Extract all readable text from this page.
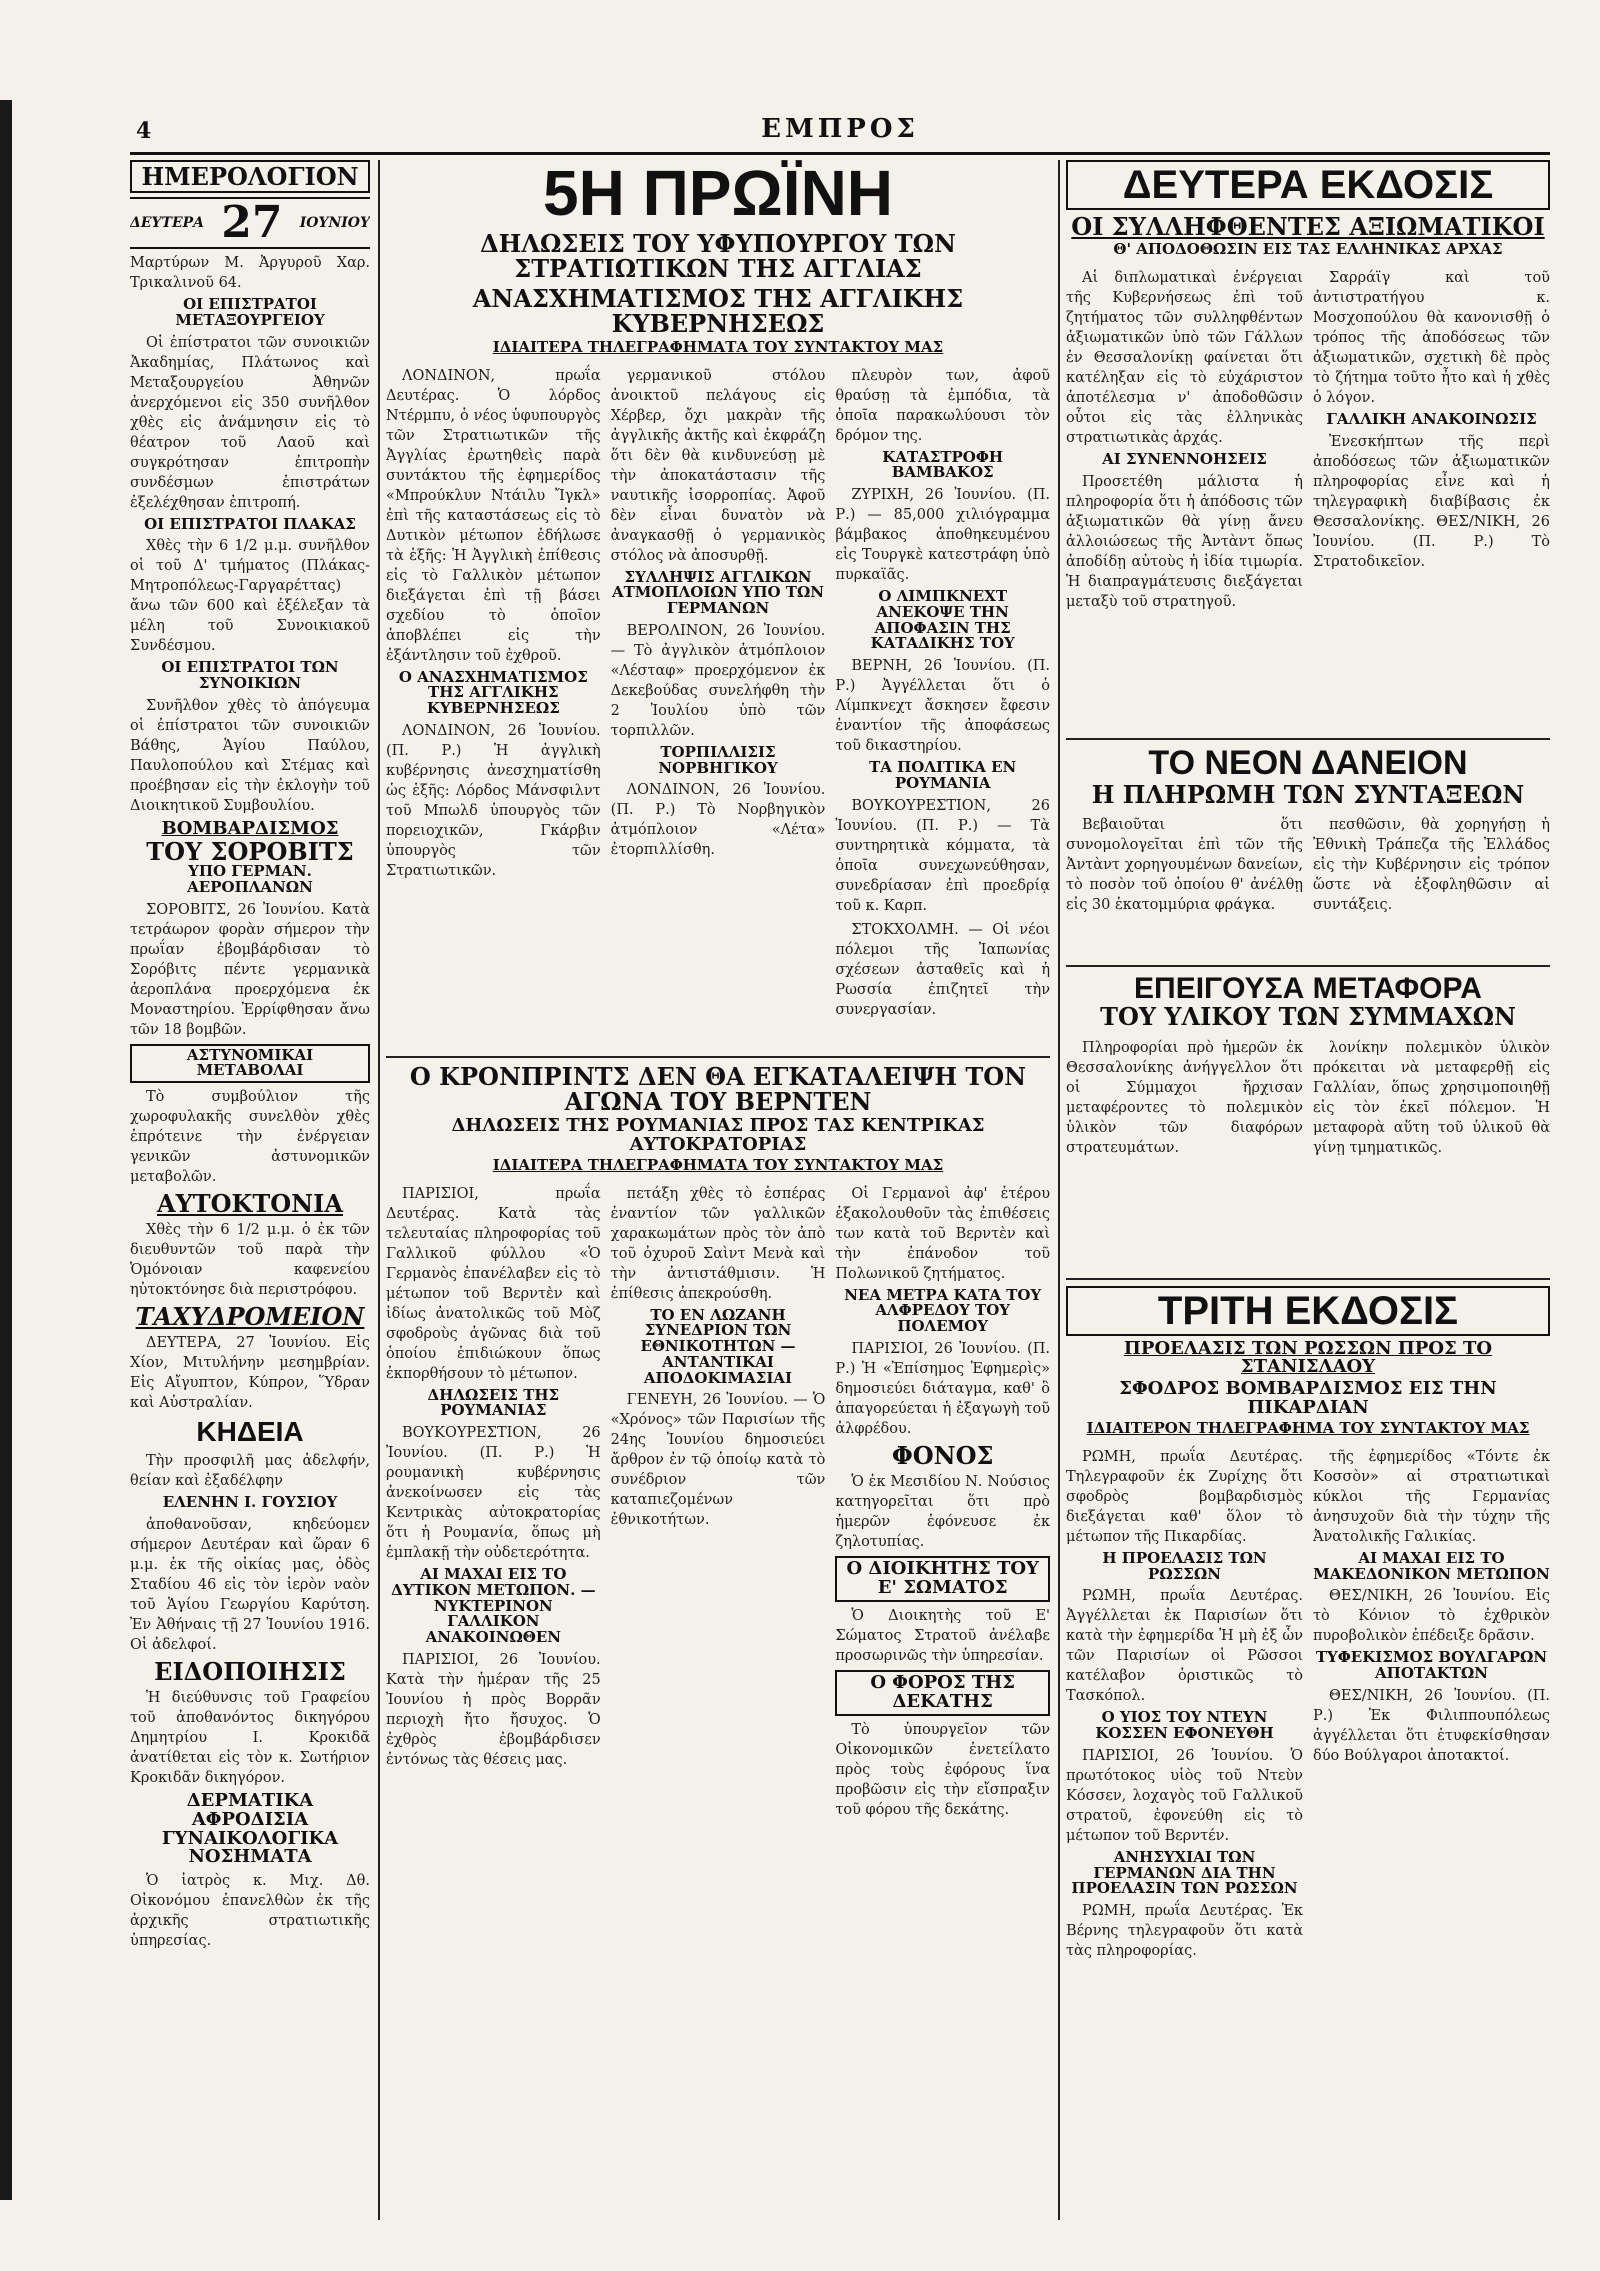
4	ΕΜΠΡΟΣ
ΗΜΕΡΟΛΟΓΙΟΝ
ΔΕΥΤΕΡΑ 27 ΙΟΥΝΙΟΥ

Μαρτύρων Μ. Ἀργυροῦ Χαρ. Τρικαλινοῦ 64.

ΟΙ ΕΠΙΣΤΡΑΤΟΙ ΜΕΤΑΞΟΥΡΓΕΙΟΥ

Οἱ ἐπίστρατοι τῶν συνοικιῶν Ἀκαδημίας, Πλάτωνος καὶ Μεταξουργείου Ἀθηνῶν ἀνερχόμενοι εἰς 350 συνῆλθον χθὲς εἰς ἀνάμνησιν εἰς τὸ θέατρον τοῦ Λαοῦ καὶ συγκρότησαν ἐπιτροπὴν συνδέσμων ἐπιστράτων ἐξελέχθησαν ἐπιτροπή.

ΟΙ ΕΠΙΣΤΡΑΤΟΙ ΠΛΑΚΑΣ

Χθὲς τὴν 6 1/2 μ.μ. συνῆλθον οἱ τοῦ Δ' τμήματος (Πλάκας-Μητροπόλεως-Γαργαρέττας) ἄνω τῶν 600 καὶ ἐξέλεξαν τὰ μέλη τοῦ Συνοικιακοῦ Συνδέσμου.

ΟΙ ΕΠΙΣΤΡΑΤΟΙ ΤΩΝ ΣΥΝΟΙΚΙΩΝ

Συνῆλθον χθὲς τὸ ἀπόγευμα οἱ ἐπίστρατοι τῶν συνοικιῶν Βάθης, Ἁγίου Παύλου, Παυλοπούλου καὶ Στέμας καὶ προέβησαν εἰς τὴν ἐκλογὴν τοῦ Διοικητικοῦ Συμβουλίου.

ΒΟΜΒΑΡΔΙΣΜΟΣ
ΤΟΥ ΣΟΡΟΒΙΤΣ
ΥΠΟ ΓΕΡΜΑΝ. ΑΕΡΟΠΛΑΝΩΝ

ΣΟΡΟΒΙΤΣ, 26 Ἰουνίου. Κατὰ τετράωρον φορὰν σήμερον τὴν πρωΐαν ἐβομβάρδισαν τὸ Σορόβιτς πέντε γερμανικὰ ἀεροπλάνα προερχόμενα ἐκ Μοναστηρίου. Ἐρρίφθησαν ἄνω τῶν 18 βομβῶν.

ΑΣΤΥΝΟΜΙΚΑΙ ΜΕΤΑΒΟΛΑΙ

Τὸ συμβούλιον τῆς χωροφυλακῆς συνελθὸν χθὲς ἐπρότεινε τὴν ἐνέργειαν γενικῶν ἀστυνομικῶν μεταβολῶν.

ΑΥΤΟΚΤΟΝΙΑ

Χθὲς τὴν 6 1/2 μ.μ. ὁ ἐκ τῶν διευθυντῶν τοῦ παρὰ τὴν Ὁμόνοιαν καφενείου ηὐτοκτόνησε διὰ περιστρόφου.

ΤΑΧΥΔΡΟΜΕΙΟΝ

ΔΕΥΤΕΡΑ, 27 Ἰουνίου. Εἰς Χίον, Μιτυλήνην μεσημβρίαν. Εἰς Αἴγυπτον, Κύπρον, Ὕδραν καὶ Αὐστραλίαν.

ΚΗΔΕΙΑ

Τὴν προσφιλῆ μας ἀδελφήν, θείαν καὶ ἐξαδέλφην

ΕΛΕΝΗΝ Ι. ΓΟΥΣΙΟΥ

ἀποθανοῦσαν, κηδεύομεν σήμερον Δευτέραν καὶ ὥραν 6 μ.μ. ἐκ τῆς οἰκίας μας, ὁδὸς Σταδίου 46 εἰς τὸν ἱερὸν ναὸν τοῦ Ἁγίου Γεωργίου Καρύτση. Ἐν Ἀθήναις τῇ 27 Ἰουνίου 1916. Οἱ ἀδελφοί.

ΕΙΔΟΠΟΙΗΣΙΣ

Ἡ διεύθυνσις τοῦ Γραφείου τοῦ ἀποθανόντος δικηγόρου Δημητρίου Ι. Κροκιδᾶ ἀνατίθεται εἰς τὸν κ. Σωτήριον Κροκιδᾶν δικηγόρον.

ΔΕΡΜΑΤΙΚΑ ΑΦΡΟΔΙΣΙΑ
ΓΥΝΑΙΚΟΛΟΓΙΚΑ ΝΟΣΗΜΑΤΑ

Ὁ ἰατρὸς κ. Μιχ. Δθ. Οἰκονόμου ἐπανελθὼν ἐκ τῆς ἀρχικῆς στρατιωτικῆς ὑπηρεσίας.

5Η ΠΡΩΪΝΗ
ΔΗΛΩΣΕΙΣ ΤΟΥ ΥΦΥΠΟΥΡΓΟΥ ΤΩΝ ΣΤΡΑΤΙΩΤΙΚΩΝ ΤΗΣ ΑΓΓΛΙΑΣ
ΑΝΑΣΧΗΜΑΤΙΣΜΟΣ ΤΗΣ ΑΓΓΛΙΚΗΣ ΚΥΒΕΡΝΗΣΕΩΣ
ΙΔΙΑΙΤΕΡΑ ΤΗΛΕΓΡΑΦΗΜΑΤΑ ΤΟΥ ΣΥΝΤΑΚΤΟΥ ΜΑΣ

ΛΟΝΔΙΝΟΝ, πρωΐα Δευτέρας. Ὁ λόρδος Ντέρμπυ, ὁ νέος ὑφυπουργὸς τῶν Στρατιωτικῶν τῆς Ἀγγλίας ἐρωτηθεὶς παρὰ συντάκτου τῆς ἐφημερίδος «Μπρούκλυν Ντάιλυ Ἴγκλ» ἐπὶ τῆς καταστάσεως εἰς τὸ Δυτικὸν μέτωπον ἐδήλωσε τὰ ἑξῆς: Ἡ Ἀγγλικὴ ἐπίθεσις εἰς τὸ Γαλλικὸν μέτωπον διεξάγεται ἐπὶ τῇ βάσει σχεδίου τὸ ὁποῖον ἀποβλέπει εἰς τὴν ἐξάντλησιν τοῦ ἐχθροῦ.

Ο ΑΝΑΣΧΗΜΑΤΙΣΜΟΣ ΤΗΣ ΑΓΓΛΙΚΗΣ ΚΥΒΕΡΝΗΣΕΩΣ

ΛΟΝΔΙΝΟΝ, 26 Ἰουνίου. (Π. Ρ.) Ἡ ἀγγλικὴ κυβέρνησις ἀνεσχηματίσθη ὡς ἑξῆς: Λόρδος Μάνσφιλντ τοῦ Μπωλδ ὑπουργὸς τῶν πορειοχικῶν, Γκάρβιν ὑπουργὸς τῶν Στρατιωτικῶν.

γερμανικοῦ στόλου ἀνοικτοῦ πελάγους εἰς Χέρβερ, ὄχι μακρὰν τῆς ἀγγλικῆς ἀκτῆς καὶ ἐκφράζη ὅτι δὲν θὰ κινδυνεύσῃ μὲ τὴν ἀποκατάστασιν τῆς ναυτικῆς ἰσορροπίας. Ἀφοῦ δὲν εἶναι δυνατὸν νὰ ἀναγκασθῇ ὁ γερμανικὸς στόλος νὰ ἀποσυρθῇ.

ΣΥΛΛΗΨΙΣ ΑΓΓΛΙΚΩΝ ΑΤΜΟΠΛΟΙΩΝ ΥΠΟ ΤΩΝ ΓΕΡΜΑΝΩΝ

ΒΕΡΟΛΙΝΟΝ, 26 Ἰουνίου. — Τὸ ἀγγλικὸν ἀτμόπλοιον «Λέσταφ» προερχόμενον ἐκ Δεκεβούδας συνελήφθη τὴν 2 Ἰουλίου ὑπὸ τῶν τορπιλλῶν.

ΤΟΡΠΙΛΛΙΣΙΣ ΝΟΡΒΗΓΙΚΟΥ

ΛΟΝΔΙΝΟΝ, 26 Ἰουνίου. (Π. Ρ.) Τὸ Νορβηγικὸν ἀτμόπλοιον «Λέτα» ἐτορπιλλίσθη.

πλευρὸν των, ἀφοῦ θραύσῃ τὰ ἐμπόδια, τὰ ὁποῖα παρακωλύουσι τὸν δρόμον της.

ΚΑΤΑΣΤΡΟΦΗ ΒΑΜΒΑΚΟΣ

ΖΥΡΙΧΗ, 26 Ἰουνίου. (Π. Ρ.) — 85,000 χιλιόγραμμα βάμβακος ἀποθηκευμένου εἰς Τουργκὲ κατεστράφη ὑπὸ πυρκαϊᾶς.

Ο ΛΙΜΠΚΝΕΧΤ ΑΝΕΚΟΨΕ ΤΗΝ ΑΠΟΦΑΣΙΝ ΤΗΣ ΚΑΤΑΔΙΚΗΣ ΤΟΥ

ΒΕΡΝΗ, 26 Ἰουνίου. (Π. Ρ.) Ἀγγέλλεται ὅτι ὁ Λίμπκνεχτ ἄσκησεν ἔφεσιν ἐναντίον τῆς ἀποφάσεως τοῦ δικαστηρίου.

ΤΑ ΠΟΛΙΤΙΚΑ ΕΝ ΡΟΥΜΑΝΙΑ

ΒΟΥΚΟΥΡΕΣΤΙΟΝ, 26 Ἰουνίου. (Π. Ρ.) — Τὰ συντηρητικὰ κόμματα, τὰ ὁποῖα συνεχωνεύθησαν, συνεδρίασαν ἐπὶ προεδρίᾳ τοῦ κ. Καρπ.

ΣΤΟΚΧΟΛΜΗ. — Οἱ νέοι πόλεμοι τῆς Ἰαπωνίας σχέσεων ἀσταθεῖς καὶ ἡ Ρωσσία ἐπιζητεῖ τὴν συνεργασίαν.

Ο ΚΡΟΝΠΡΙΝΤΣ ΔΕΝ ΘΑ ΕΓΚΑΤΑΛΕΙΨΗ ΤΟΝ ΑΓΩΝΑ ΤΟΥ ΒΕΡΝΤΕΝ
ΔΗΛΩΣΕΙΣ ΤΗΣ ΡΟΥΜΑΝΙΑΣ ΠΡΟΣ ΤΑΣ ΚΕΝΤΡΙΚΑΣ ΑΥΤΟΚΡΑΤΟΡΙΑΣ
ΙΔΙΑΙΤΕΡΑ ΤΗΛΕΓΡΑΦΗΜΑΤΑ ΤΟΥ ΣΥΝΤΑΚΤΟΥ ΜΑΣ

ΠΑΡΙΣΙΟΙ, πρωΐα Δευτέρας. Κατὰ τὰς τελευταίας πληροφορίας τοῦ Γαλλικοῦ φύλλου «Ὁ Γερμανὸς ἐπανέλαβεν εἰς τὸ μέτωπον τοῦ Βερντὲν καὶ ἰδίως ἀνατολικῶς τοῦ Μὸζ σφοδροὺς ἀγῶνας διὰ τοῦ ὁποίου ἐπιδιώκουν ὅπως ἐκπορθήσουν τὸ μέτωπον.

ΔΗΛΩΣΕΙΣ ΤΗΣ ΡΟΥΜΑΝΙΑΣ

ΒΟΥΚΟΥΡΕΣΤΙΟΝ, 26 Ἰουνίου. (Π. Ρ.) Ἡ ρουμανικὴ κυβέρνησις ἀνεκοίνωσεν εἰς τὰς Κεντρικὰς αὐτοκρατορίας ὅτι ἡ Ρουμανία, ὅπως μὴ ἐμπλακῇ τὴν οὐδετερότητα.

ΑΙ ΜΑΧΑΙ ΕΙΣ ΤΟ ΔΥΤΙΚΟΝ ΜΕΤΩΠΟΝ. — ΝΥΚΤΕΡΙΝΟΝ ΓΑΛΛΙΚΟΝ ΑΝΑΚΟΙΝΩΘΕΝ

ΠΑΡΙΣΙΟΙ, 26 Ἰουνίου. Κατὰ τὴν ἡμέραν τῆς 25 Ἰουνίου ἡ πρὸς Βορρᾶν περιοχὴ ἤτο ἤσυχος. Ὁ ἐχθρὸς ἐβομβάρδισεν ἐντόνως τὰς θέσεις μας.

πετάξη χθὲς τὸ ἑσπέρας ἐναντίον τῶν γαλλικῶν χαρακωμάτων πρὸς τὸν ἀπὸ τοῦ ὀχυροῦ Σαὶντ Μενὰ καὶ τὴν ἀντιστάθμισιν. Ἡ ἐπίθεσις ἀπεκρούσθη.

ΤΟ ΕΝ ΛΩΖΑΝΗ ΣΥΝΕΔΡΙΟΝ ΤΩΝ ΕΘΝΙΚΟΤΗΤΩΝ — ΑΝΤΑΝΤΙΚΑΙ ΑΠΟΔΟΚΙΜΑΣΙΑΙ

ΓΕΝΕΥΗ, 26 Ἰουνίου. — Ὁ «Χρόνος» τῶν Παρισίων τῆς 24ης Ἰουνίου δημοσιεύει ἄρθρον ἐν τῷ ὁποίῳ κατὰ τὸ συνέδριον τῶν καταπιεζομένων ἐθνικοτήτων.

Οἱ Γερμανοὶ ἀφ' ἑτέρου ἐξακολουθοῦν τὰς ἐπιθέσεις των κατὰ τοῦ Βερντὲν καὶ τὴν ἐπάνοδον τοῦ Πολωνικοῦ ζητήματος.

ΝΕΑ ΜΕΤΡΑ ΚΑΤΑ ΤΟΥ ΑΛΦΡΕΔΟΥ ΤΟΥ ΠΟΛΕΜΟΥ

ΠΑΡΙΣΙΟΙ, 26 Ἰουνίου. (Π. Ρ.) Ἡ «Ἐπίσημος Ἐφημερὶς» δημοσιεύει διάταγμα, καθ' ὃ ἀπαγορεύεται ἡ ἐξαγωγὴ τοῦ ἀλφρέδου.

ΦΟΝΟΣ

Ὁ ἐκ Μεσιδίου Ν. Νούσιος κατηγορεῖται ὅτι πρὸ ἡμερῶν ἐφόνευσε ἐκ ζηλοτυπίας.

Ο ΔΙΟΙΚΗΤΗΣ ΤΟΥ Ε' ΣΩΜΑΤΟΣ

Ὁ Διοικητὴς τοῦ Ε' Σώματος Στρατοῦ ἀνέλαβε προσωρινῶς τὴν ὑπηρεσίαν.

Ο ΦΟΡΟΣ ΤΗΣ ΔΕΚΑΤΗΣ

Τὸ ὑπουργεῖον τῶν Οἰκονομικῶν ἐνετείλατο πρὸς τοὺς ἐφόρους ἵνα προβῶσιν εἰς τὴν εἴσπραξιν τοῦ φόρου τῆς δεκάτης.

ΔΕΥΤΕΡΑ ΕΚΔΟΣΙΣ
ΟΙ ΣΥΛΛΗΦΘΕΝΤΕΣ ΑΞΙΩΜΑΤΙΚΟΙ
Θ' ΑΠΟΔΟΘΩΣΙΝ ΕΙΣ ΤΑΣ ΕΛΛΗΝΙΚΑΣ ΑΡΧΑΣ

Αἱ διπλωματικαὶ ἐνέργειαι τῆς Κυβερνήσεως ἐπὶ τοῦ ζητήματος τῶν συλληφθέντων ἀξιωματικῶν ὑπὸ τῶν Γάλλων ἐν Θεσσαλονίκῃ φαίνεται ὅτι κατέληξαν εἰς τὸ εὐχάριστον ἀποτέλεσμα ν' ἀποδοθῶσιν οὗτοι εἰς τὰς ἑλληνικὰς στρατιωτικὰς ἀρχάς.

ΑΙ ΣΥΝΕΝΝΟΗΣΕΙΣ

Προσετέθη μάλιστα ἡ πληροφορία ὅτι ἡ ἀπόδοσις τῶν ἀξιωματικῶν θὰ γίνῃ ἄνευ ἀλλοιώσεως τῆς Ἀντὰντ ὅπως ἀποδίδῃ αὐτοὺς ἡ ἰδία τιμωρία. Ἡ διαπραγμάτευσις διεξάγεται μεταξὺ τοῦ στρατηγοῦ.

Σαρράϊγ καὶ τοῦ ἀντιστρατήγου κ. Μοσχοπούλου θὰ κανονισθῇ ὁ τρόπος τῆς ἀποδόσεως τῶν ἀξιωματικῶν, σχετικὴ δὲ πρὸς τὸ ζήτημα τοῦτο ἦτο καὶ ἡ χθὲς ὁ λόγον.

ΓΑΛΛΙΚΗ ΑΝΑΚΟΙΝΩΣΙΣ

Ἐνεσκήπτων τῆς περὶ ἀποδόσεως τῶν ἀξιωματικῶν πληροφορίας εἶνε καὶ ἡ τηλεγραφικὴ διαβίβασις ἐκ Θεσσαλονίκης. ΘΕΣ/ΝΙΚΗ, 26 Ἰουνίου. (Π. Ρ.) Τὸ Στρατοδικεῖον.

ΤΟ ΝΕΟΝ ΔΑΝΕΙΟΝ
Η ΠΛΗΡΩΜΗ ΤΩΝ ΣΥΝΤΑΞΕΩΝ

Βεβαιοῦται ὅτι συνομολογεῖται ἐπὶ τῶν τῆς Ἀντὰντ χορηγουμένων δανείων, τὸ ποσὸν τοῦ ὁποίου θ' ἀνέλθῃ εἰς 30 ἑκατομμύρια φράγκα.

πεσθῶσιν, θὰ χορηγήσῃ ἡ Ἐθνικὴ Τράπεζα τῆς Ἑλλάδος εἰς τὴν Κυβέρνησιν εἰς τρόπον ὥστε νὰ ἐξοφληθῶσιν αἱ συντάξεις.

ΕΠΕΙΓΟΥΣΑ ΜΕΤΑΦΟΡΑ
ΤΟΥ ΥΛΙΚΟΥ ΤΩΝ ΣΥΜΜΑΧΩΝ

Πληροφορίαι πρὸ ἡμερῶν ἐκ Θεσσαλονίκης ἀνήγγελλον ὅτι οἱ Σύμμαχοι ἤρχισαν μεταφέροντες τὸ πολεμικὸν ὑλικὸν τῶν διαφόρων στρατευμάτων.

λονίκην πολεμικὸν ὑλικὸν πρόκειται νὰ μεταφερθῇ εἰς Γαλλίαν, ὅπως χρησιμοποιηθῇ εἰς τὸν ἐκεῖ πόλεμον. Ἡ μεταφορὰ αὕτη τοῦ ὑλικοῦ θὰ γίνῃ τμηματικῶς.

ΤΡΙΤΗ ΕΚΔΟΣΙΣ
ΠΡΟΕΛΑΣΙΣ ΤΩΝ ΡΩΣΣΩΝ ΠΡΟΣ ΤΟ ΣΤΑΝΙΣΛΑΟΥ
ΣΦΟΔΡΟΣ ΒΟΜΒΑΡΔΙΣΜΟΣ ΕΙΣ ΤΗΝ ΠΙΚΑΡΔΙΑΝ
ΙΔΙΑΙΤΕΡΟΝ ΤΗΛΕΓΡΑΦΗΜΑ ΤΟΥ ΣΥΝΤΑΚΤΟΥ ΜΑΣ

ΡΩΜΗ, πρωΐα Δευτέρας. Τηλεγραφοῦν ἐκ Ζυρίχης ὅτι σφοδρὸς βομβαρδισμὸς διεξάγεται καθ' ὅλον τὸ μέτωπον τῆς Πικαρδίας.

Η ΠΡΟΕΛΑΣΙΣ ΤΩΝ ΡΩΣΣΩΝ

ΡΩΜΗ, πρωΐα Δευτέρας. Ἀγγέλλεται ἐκ Παρισίων ὅτι κατὰ τὴν ἐφημερίδα Ἡ μὴ ἐξ ὧν τῶν Παρισίων οἱ Ρῶσσοι κατέλαβον ὁριστικῶς τὸ Τασκόπολ.

Ο ΥΙΟΣ ΤΟΥ ΝΤΕΥΝ ΚΟΣΣΕΝ ΕΦΟΝΕΥΘΗ

ΠΑΡΙΣΙΟΙ, 26 Ἰουνίου. Ὁ πρωτότοκος υἱὸς τοῦ Ντεὺν Κόσσεν, λοχαγὸς τοῦ Γαλλικοῦ στρατοῦ, ἐφονεύθη εἰς τὸ μέτωπον τοῦ Βερντέν.

ΑΝΗΣΥΧΙΑΙ ΤΩΝ ΓΕΡΜΑΝΩΝ ΔΙΑ ΤΗΝ ΠΡΟΕΛΑΣΙΝ ΤΩΝ ΡΩΣΣΩΝ

ΡΩΜΗ, πρωΐα Δευτέρας. Ἐκ Βέρνης τηλεγραφοῦν ὅτι κατὰ τὰς πληροφορίας.

τῆς ἐφημερίδος «Τόντε ἐκ Κοσσὸν» αἱ στρατιωτικαὶ κύκλοι τῆς Γερμανίας ἀνησυχοῦν διὰ τὴν τύχην τῆς Ἀνατολικῆς Γαλικίας.

ΑΙ ΜΑΧΑΙ ΕΙΣ ΤΟ ΜΑΚΕΔΟΝΙΚΟΝ ΜΕΤΩΠΟΝ

ΘΕΣ/ΝΙΚΗ, 26 Ἰουνίου. Εἰς τὸ Κόνιον τὸ ἐχθρικὸν πυροβολικὸν ἐπέδειξε δρᾶσιν.

ΤΥΦΕΚΙΣΜΟΣ ΒΟΥΛΓΑΡΩΝ ΑΠΟΤΑΚΤΩΝ

ΘΕΣ/ΝΙΚΗ, 26 Ἰουνίου. (Π. Ρ.) Ἐκ Φιλιππουπόλεως ἀγγέλλεται ὅτι ἐτυφεκίσθησαν δύο Βούλγαροι ἀποτακτοί.
